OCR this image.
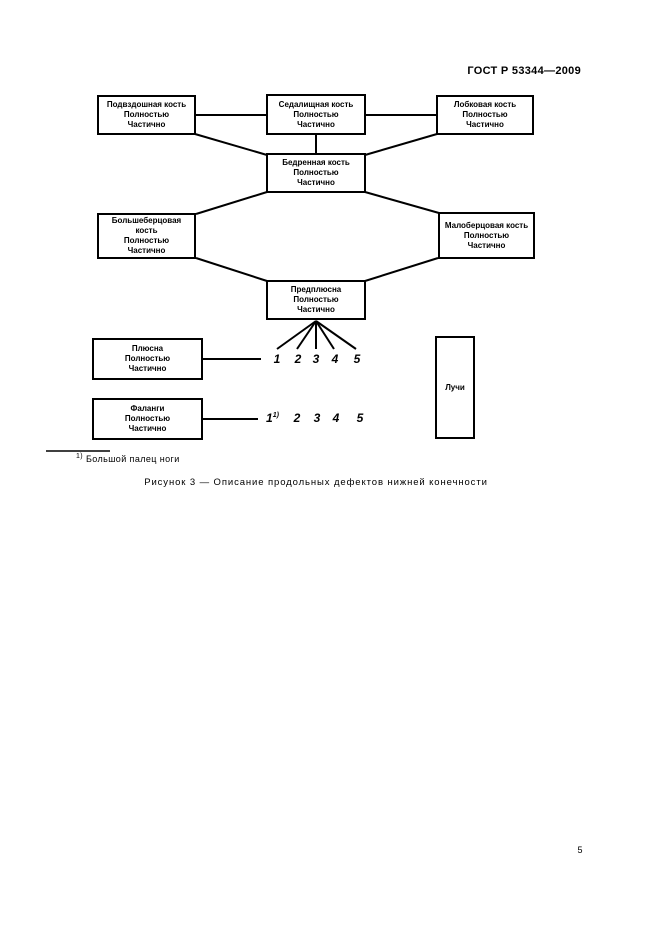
ГОСТ Р 53344—2009
Подвздошная кость
Полностью
Частично
Седалищная кость
Полностью
Частично
Лобковая кость
Полностью
Частично
Бедренная кость
Полностью
Частично
Большеберцовая кость
Полностью
Частично
Малоберцовая кость
Полностью
Частично
Предплюсна
Полностью
Частично
Плюсна
Полностью
Частично
Фаланги
Полностью
Частично
Лучи
1 2 3 4 5
1$^{1)}$ 2 3 4 5
$^{1)}$ Большой палец ноги
Рисунок 3 — Описание продольных дефектов нижней конечности
5
